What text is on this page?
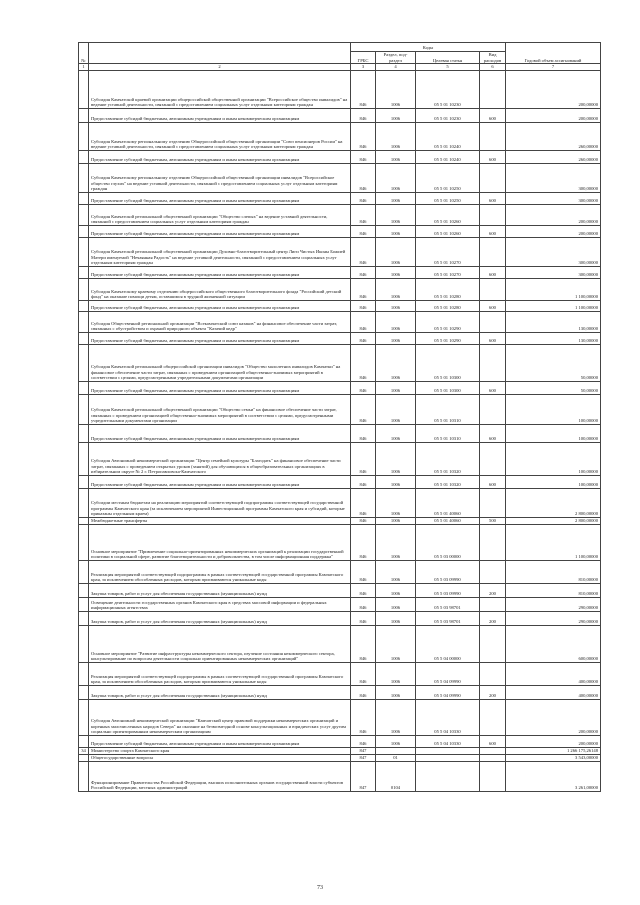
№		Коды				Годовой объем ассигнований
		ГРБС	Раздел, под- раздел	Целевая статья	Вид расходов	
1	2	3	4	5	6	7
	Субсидия Камчатской краевой организации общероссийской общественной организации "Всероссийское общество инвалидов" на ведение уставной деятельности, связанной с предоставлением социальных услуг отдельным категориям граждан	846	1006	05 5 01 10230		200,00000
	Предоставление субсидий бюджетным, автономным учреждениям и иным некоммерческим организациям	846	1006	05 5 01 10230	600	200,00000
	Субсидия Камчатскому региональному отделению Общероссийской общественной организации "Союз пенсионеров России" на ведение уставной деятельности, связанной с предоставлением социальных услуг отдельным категориям граждан	846	1006	05 5 01 10240		260,00000
	Предоставление субсидий бюджетным, автономным учреждениям и иным некоммерческим организациям	846	1006	05 5 01 10240	600	260,00000
	Субсидия Камчатскому региональному отделению Общероссийской общественной организации инвалидов "Всероссийское общество глухих" на ведение уставной деятельности, связанной с предоставлением социальных услуг отдельным категориям граждан	846	1006	05 5 01 10250		300,00000
	Предоставление субсидий бюджетным, автономным учреждениям и иным некоммерческим организациям	846	1006	05 5 01 10250	600	300,00000
	Субсидия Камчатской региональной общественной организации "Общество слепых" на ведение уставной деятельности, связанной с предоставлением социальных услуг отдельным категориям граждан	846	1006	05 5 01 10260		200,00000
	Предоставление субсидий бюджетным, автономным учреждениям и иным некоммерческим организациям	846	1006	05 5 01 10260	600	200,00000
	Субсидия Камчатской региональной общественной организации Духовно-благотворительный центр Лиги Чистых Иконы Божией Матери именуемой "Нечаянная Радость" на ведение уставной деятельности, связанной с предоставлением социальных услуг отдельным категориям граждан	846	1006	05 5 01 10270		300,00000
	Предоставление субсидий бюджетным, автономным учреждениям и иным некоммерческим организациям	846	1006	05 5 01 10270	600	300,00000
	Субсидия Камчатскому краевому отделению общероссийского общественного благотворительного фонда "Российский детский фонд" на оказание помощи детям, оставшимся в трудной жизненной ситуации	846	1006	05 5 01 10280		1 100,00000
	Предоставление субсидий бюджетным, автономным учреждениям и иным некоммерческим организациям	846	1006	05 5 01 10280	600	1 100,00000
	Субсидия Общественной региональной организации "Всекамчатский союз казаков" на финансовое обеспечение части затрат, связанных с обустройством и охраной природного объекта "Казачий кедр"	846	1006	05 5 01 10290		130,00000
	Предоставление субсидий бюджетным, автономным учреждениям и иным некоммерческим организациям	846	1006	05 5 01 10290	600	130,00000
	Субсидия Камчатской региональной общероссийской организации инвалидов "Общество малолетних инвалидов Камчатки" на финансовое обеспечение части затрат, связанных с проведением организацией общественно-значимых мероприятий в соответствии с целями, предусмотренными учредительными документами организации	846	1006	05 5 01 10300		50,00000
	Предоставление субсидий бюджетным, автономным учреждениям и иным некоммерческим организациям	846	1006	05 5 01 10300	600	50,00000
	Субсидия Камчатской региональной общественной организации "Общество семьи" на финансовое обеспечение части затрат, связанных с проведением организацией общественно-значимых мероприятий в соответствии с целями, предусмотренными учредительными документами организации	846	1006	05 5 01 10310		100,00000
	Предоставление субсидий бюджетным, автономным учреждениям и иным некоммерческим организациям	846	1006	05 5 01 10310	600	100,00000
	Субсидия Автономной некоммерческой организации "Центр семейной культуры "Благодать" на финансовое обеспечение части затрат, связанных с проведением открытых уроков (занятий) для обучающихся в общеобразовательных организациях в избирательном округе № 2 г. Петропавловска-Камчатского	846	1006	05 5 01 10320		100,00000
	Предоставление субсидий бюджетным, автономным учреждениям и иным некоммерческим организациям	846	1006	05 5 01 10320	600	100,00000
	Субсидии местным бюджетам на реализацию мероприятий соответствующей подпрограммы соответствующей государственной программы Камчатского края (за исключением мероприятий Инвестиционной программы Камчатского края и субсидий, которые приказаны отдельным краем)	846	1006	05 5 01 40060		2 800,00000
	Межбюджетные трансферты	846	1006	05 5 01 40060	500	2 800,00000
	Основное мероприятие "Привлечение социально-ориентированных некоммерческих организаций к реализации государственной политики в социальной сфере, развитие благотворительности и добровольчества, в том числе информационная поддержка"	846	1006	05 5 03 00000		1 100,00000
	Реализация мероприятий соответствующей подпрограммы в рамках соответствующей государственной программы Камчатского края, за исключением обособленных расходов, которым присваиваются уникальные коды	846	1006	05 5 03 09990		810,00000
	Закупка товаров, работ и услуг для обеспечения государственных (муниципальных) нужд	846	1006	05 5 03 09990	200	810,00000
	Освещение деятельности государственных органов Камчатского края в средствах массовой информации и федеральных информационных агентствах	846	1006	05 5 03 98701		290,00000
	Закупка товаров, работ и услуг для обеспечения государственных (муниципальных) нужд	846	1006	05 5 03 98701	200	290,00000
	Основное мероприятие "Развитие инфраструктуры некоммерческого сектора, изучение состояния некоммерческого сектора, консультирование по вопросам деятельности социально ориентированных некоммерческих организаций"	846	1006	05 5 04 00000		600,00000
	Реализация мероприятий соответствующей подпрограммы в рамках соответствующей государственной программы Камчатского края, за исключением обособленных расходов, которым присваиваются уникальные коды	846	1006	05 5 04 09990		400,00000
	Закупка товаров, работ и услуг для обеспечения государственных (муниципальных) нужд	846	1006	05 5 04 09990	200	400,00000
	Субсидия Автономной некоммерческой организации "Камчатский центр правовой поддержки некоммерческих организаций и коренных малочисленных народов Севера" на оказание на безвозмездной основе консультационных и юридических услуг другим социально ориентированным некоммерческим организациям	846	1006	05 5 04 10330		200,00000
	Предоставление субсидий бюджетным, автономным учреждениям и иным некоммерческим организациям	846	1006	05 5 04 10330	600	200,00000
34	Министерство спорта Камчатского края	847				1 266 175,26148
	Общегосударственные вопросы	847	01			3 543,00000
	Функционирование Правительства Российской Федерации, высших исполнительных органов государственной власти субъектов Российской Федерации, местных администраций	847	0104			3 261,00000
73
